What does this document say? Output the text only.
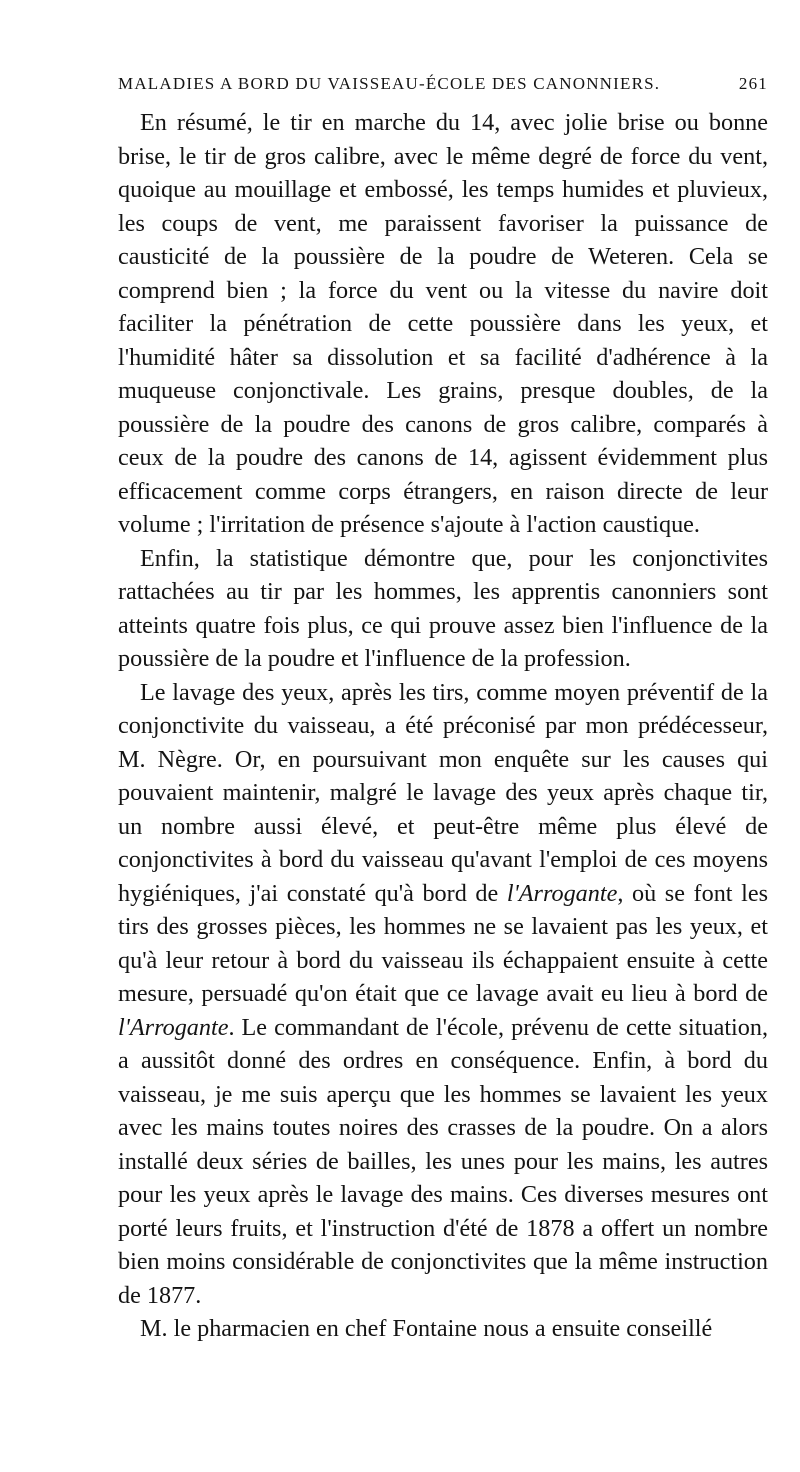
MALADIES A BORD DU VAISSEAU-ÉCOLE DES CANONNIERS.	261

En résumé, le tir en marche du 14, avec jolie brise ou bonne brise, le tir de gros calibre, avec le même degré de force du vent, quoique au mouillage et embossé, les temps humides et pluvieux, les coups de vent, me paraissent favoriser la puissance de causticité de la poussière de la poudre de Weteren. Cela se comprend bien ; la force du vent ou la vitesse du navire doit faciliter la pénétration de cette poussière dans les yeux, et l'humidité hâter sa dissolution et sa facilité d'adhérence à la muqueuse conjonctivale. Les grains, presque doubles, de la poussière de la poudre des canons de gros calibre, comparés à ceux de la poudre des canons de 14, agissent évidemment plus efficacement comme corps étrangers, en raison directe de leur volume ; l'irritation de présence s'ajoute à l'action caustique.

Enfin, la statistique démontre que, pour les conjonctivites rattachées au tir par les hommes, les apprentis canonniers sont atteints quatre fois plus, ce qui prouve assez bien l'influence de la poussière de la poudre et l'influence de la profession.

Le lavage des yeux, après les tirs, comme moyen préventif de la conjonctivite du vaisseau, a été préconisé par mon prédécesseur, M. Nègre. Or, en poursuivant mon enquête sur les causes qui pouvaient maintenir, malgré le lavage des yeux après chaque tir, un nombre aussi élevé, et peut-être même plus élevé de conjonctivites à bord du vaisseau qu'avant l'emploi de ces moyens hygiéniques, j'ai constaté qu'à bord de l'Arrogante, où se font les tirs des grosses pièces, les hommes ne se lavaient pas les yeux, et qu'à leur retour à bord du vaisseau ils échappaient ensuite à cette mesure, persuadé qu'on était que ce lavage avait eu lieu à bord de l'Arrogante. Le commandant de l'école, prévenu de cette situation, a aussitôt donné des ordres en conséquence. Enfin, à bord du vaisseau, je me suis aperçu que les hommes se lavaient les yeux avec les mains toutes noires des crasses de la poudre. On a alors installé deux séries de bailles, les unes pour les mains, les autres pour les yeux après le lavage des mains. Ces diverses mesures ont porté leurs fruits, et l'instruction d'été de 1878 a offert un nombre bien moins considérable de conjonctivites que la même instruction de 1877.

M. le pharmacien en chef Fontaine nous a ensuite conseillé
